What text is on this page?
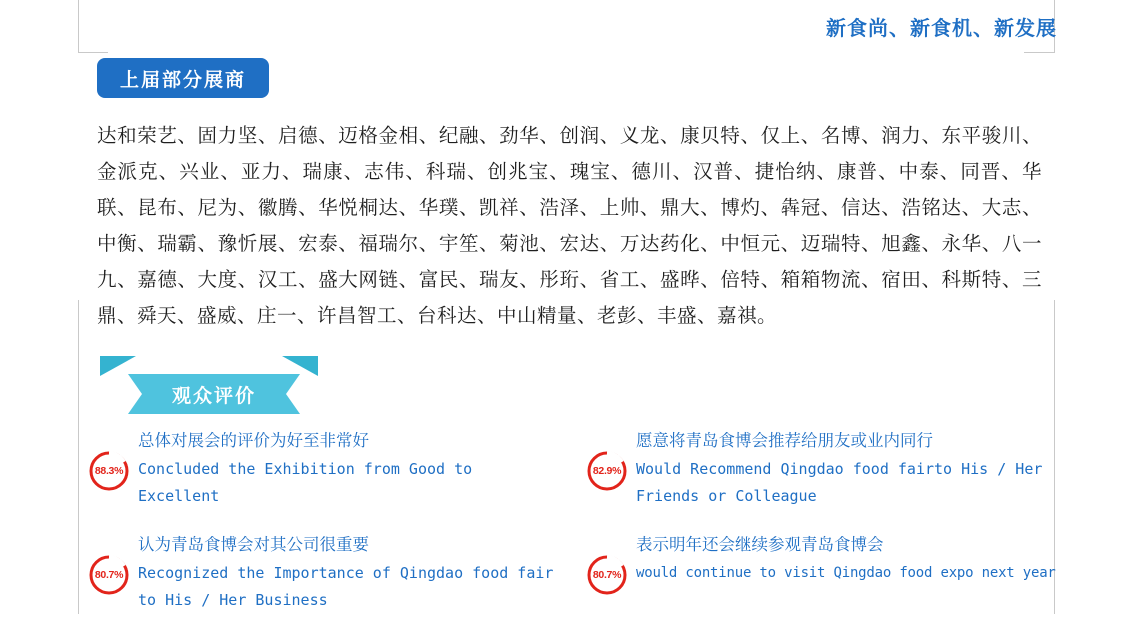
新食尚、新食机、新发展
上届部分展商
达和荣艺、固力坚、启德、迈格金相、纪融、劲华、创润、义龙、康贝特、仅上、名博、润力、东平骏川、金派克、兴业、亚力、瑞康、志伟、科瑞、创兆宝、瑰宝、德川、汉普、捷怡纳、康普、中泰、同晋、华联、昆布、尼为、徽腾、华悦桐达、华璞、凯祥、浩泽、上帅、鼎大、博灼、犇冠、信达、浩铭达、大志、中衡、瑞霸、豫忻展、宏泰、福瑞尔、宇笙、菊池、宏达、万达药化、中恒元、迈瑞特、旭鑫、永华、八一九、嘉德、大度、汉工、盛大网链、富民、瑞友、彤珩、省工、盛晔、倍特、箱箱物流、宿田、科斯特、三鼎、舜天、盛威、庄一、许昌智工、台科达、中山精量、老彭、丰盛、嘉祺。
观众评价
88.3%
总体对展会的评价为好至非常好
Concluded the Exhibition from Good to Excellent
82.9%
愿意将青岛食博会推荐给朋友或业内同行
Would Recommend Qingdao food fairto His / Her Friends or Colleague
80.7%
认为青岛食博会对其公司很重要
Recognized the Importance of Qingdao food fair to His / Her Business
80.7%
表示明年还会继续参观青岛食博会
would continue to visit Qingdao food expo next year
